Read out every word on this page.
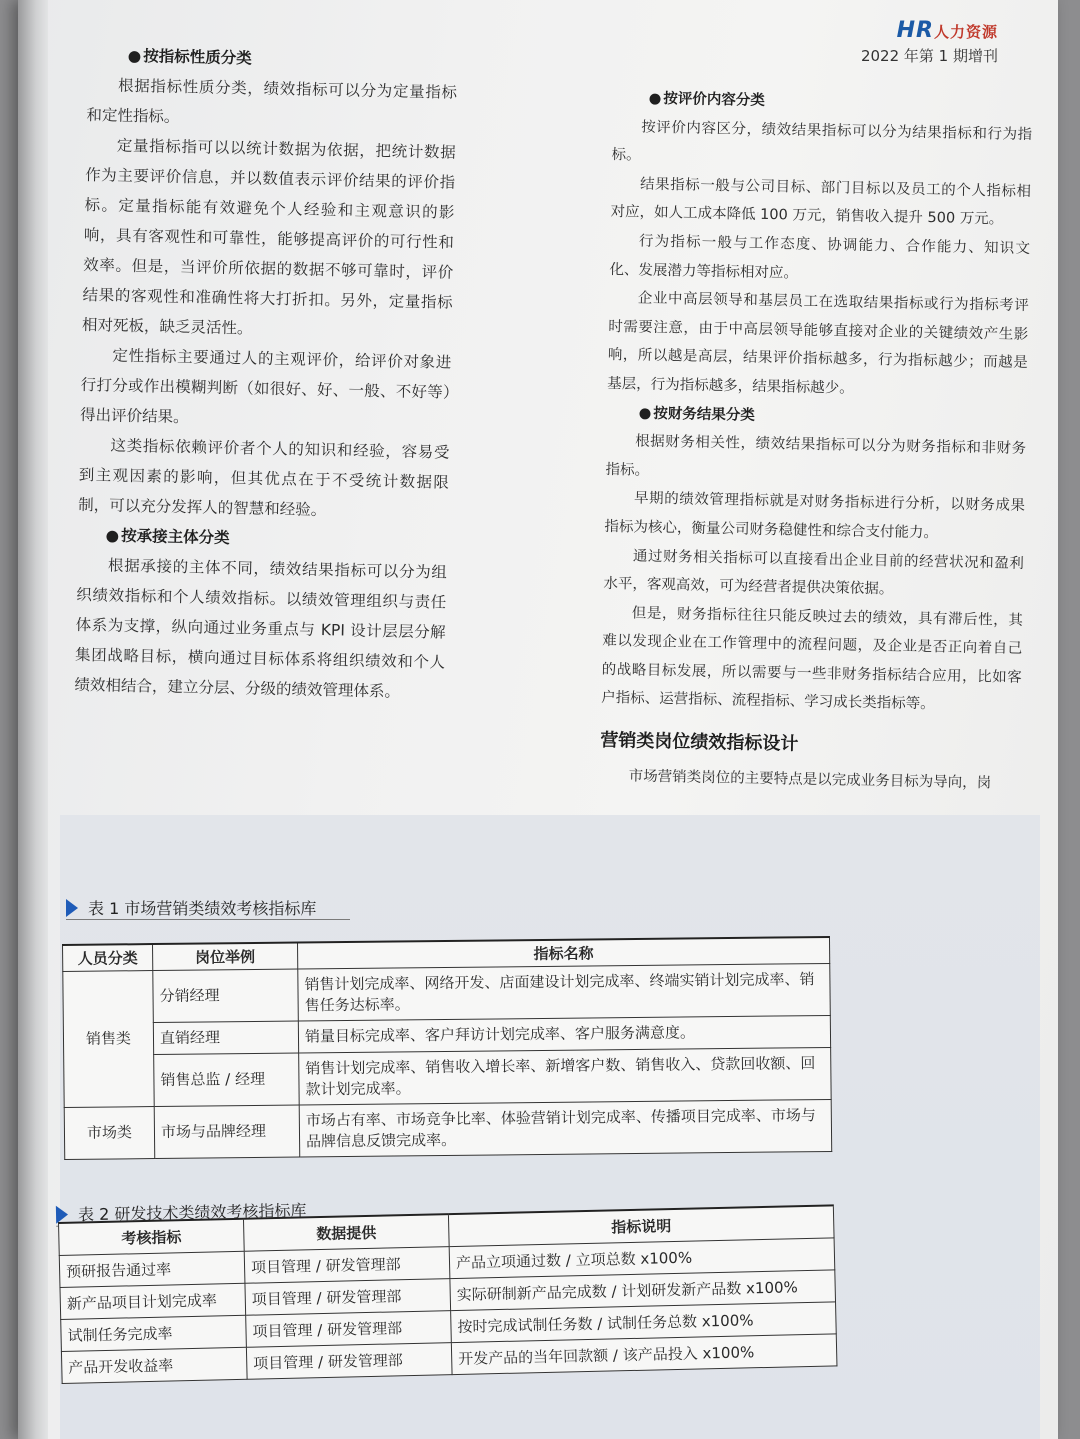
HR人力资源
2022 年第 1 期增刊
● 按指标性质分类

根据指标性质分类，绩效指标可以分为定量指标和定性指标。

定量指标指可以以统计数据为依据，把统计数据作为主要评价信息，并以数值表示评价结果的评价指标。定量指标能有效避免个人经验和主观意识的影响，具有客观性和可靠性，能够提高评价的可行性和效率。但是，当评价所依据的数据不够可靠时，评价结果的客观性和准确性将大打折扣。另外，定量指标相对死板，缺乏灵活性。

定性指标主要通过人的主观评价，给评价对象进行打分或作出模糊判断（如很好、好、一般、不好等）得出评价结果。

这类指标依赖评价者个人的知识和经验，容易受到主观因素的影响，但其优点在于不受统计数据限制，可以充分发挥人的智慧和经验。

● 按承接主体分类

根据承接的主体不同，绩效结果指标可以分为组织绩效指标和个人绩效指标。以绩效管理组织与责任体系为支撑，纵向通过业务重点与 KPI 设计层层分解集团战略目标，横向通过目标体系将组织绩效和个人绩效相结合，建立分层、分级的绩效管理体系。

● 按评价内容分类

按评价内容区分，绩效结果指标可以分为结果指标和行为指标。

结果指标一般与公司目标、部门目标以及员工的个人指标相对应，如人工成本降低 100 万元，销售收入提升 500 万元。

行为指标一般与工作态度、协调能力、合作能力、知识文化、发展潜力等指标相对应。

企业中高层领导和基层员工在选取结果指标或行为指标考评时需要注意，由于中高层领导能够直接对企业的关键绩效产生影响，所以越是高层，结果评价指标越多，行为指标越少；而越是基层，行为指标越多，结果指标越少。

● 按财务结果分类

根据财务相关性，绩效结果指标可以分为财务指标和非财务指标。

早期的绩效管理指标就是对财务指标进行分析，以财务成果指标为核心，衡量公司财务稳健性和综合支付能力。

通过财务相关指标可以直接看出企业目前的经营状况和盈利水平，客观高效，可为经营者提供决策依据。

但是，财务指标往往只能反映过去的绩效，具有滞后性，其难以发现企业在工作管理中的流程问题，及企业是否正向着自己的战略目标发展，所以需要与一些非财务指标结合应用，比如客户指标、运营指标、流程指标、学习成长类指标等。

营销类岗位绩效指标设计

市场营销类岗位的主要特点是以完成业务目标为导向，岗

表 1 市场营销类绩效考核指标库
人员分类	岗位举例	指标名称
销售类	分销经理	销售计划完成率、网络开发、店面建设计划完成率、终端实销计划完成率、销售任务达标率。
	直销经理	销量目标完成率、客户拜访计划完成率、客户服务满意度。
	销售总监 / 经理	销售计划完成率、销售收入增长率、新增客户数、销售收入、贷款回收额、回款计划完成率。
市场类	市场与品牌经理	市场占有率、市场竞争比率、体验营销计划完成率、传播项目完成率、市场与品牌信息反馈完成率。
表 2 研发技术类绩效考核指标库
考核指标	数据提供	指标说明
预研报告通过率	项目管理 / 研发管理部	产品立项通过数 / 立项总数 x100%
新产品项目计划完成率	项目管理 / 研发管理部	实际研制新产品完成数 / 计划研发新产品数 x100%
试制任务完成率	项目管理 / 研发管理部	按时完成试制任务数 / 试制任务总数 x100%
产品开发收益率	项目管理 / 研发管理部	开发产品的当年回款额 / 该产品投入 x100%
